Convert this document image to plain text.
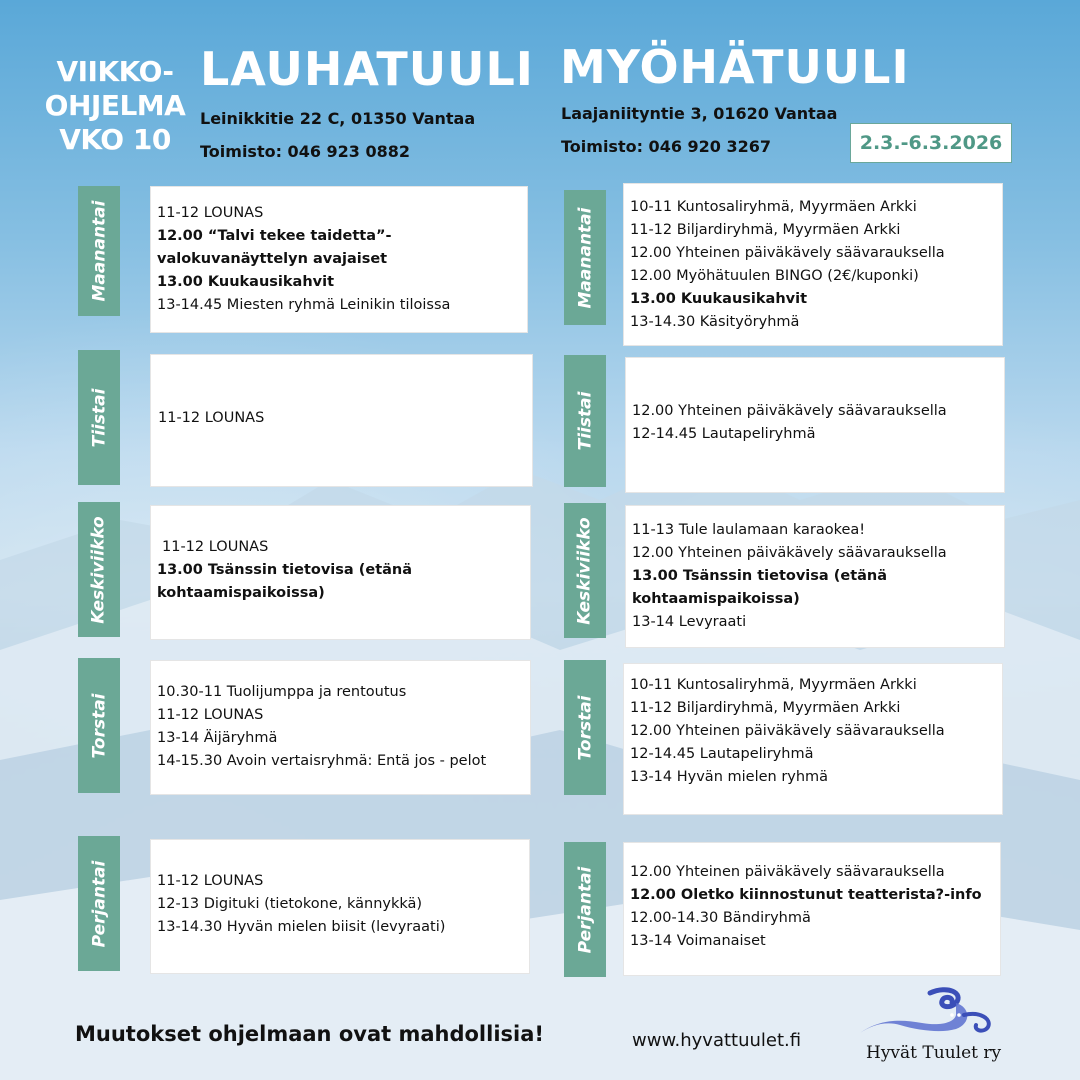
VIIKKO-
OHJELMA
VKO 10
LAUHATUULI
Leinikkitie 22 C, 01350 Vantaa
Toimisto: 046 923 0882
MYÖHÄTUULI
Laajaniityntie 3, 01620 Vantaa
Toimisto: 046 920 3267	2.3.-6.3.2026
Maanantai
Tiistai
Keskiviikko
Torstai
Perjantai
Maanantai
Tiistai
Keskiviikko
Torstai
Perjantai
11-12 LOUNAS
12.00 “Talvi tekee taidetta”-
valokuvanäyttelyn avajaiset
13.00 Kuukausikahvit
13-14.45 Miesten ryhmä Leinikin tiloissa
11-12 LOUNAS
11-12 LOUNAS
13.00 Tsänssin tietovisa (etänä
kohtaamispaikoissa)
10.30-11 Tuolijumppa ja rentoutus
11-12 LOUNAS
13-14 Äijäryhmä
14-15.30 Avoin vertaisryhmä: Entä jos - pelot
11-12 LOUNAS
12-13 Digituki (tietokone, kännykkä)
13-14.30 Hyvän mielen biisit (levyraati)
10-11 Kuntosaliryhmä, Myyrmäen Arkki
11-12 Biljardiryhmä, Myyrmäen Arkki
12.00 Yhteinen päiväkävely säävarauksella
12.00 Myöhätuulen BINGO (2€/kuponki)
13.00 Kuukausikahvit
13-14.30 Käsityöryhmä
12.00 Yhteinen päiväkävely säävarauksella
12-14.45 Lautapeliryhmä
11-13 Tule laulamaan karaokea!
12.00 Yhteinen päiväkävely säävarauksella
13.00 Tsänssin tietovisa (etänä
kohtaamispaikoissa)
13-14 Levyraati
10-11 Kuntosaliryhmä, Myyrmäen Arkki
11-12 Biljardiryhmä, Myyrmäen Arkki
12.00 Yhteinen päiväkävely säävarauksella
12-14.45 Lautapeliryhmä
13-14 Hyvän mielen ryhmä
12.00 Yhteinen päiväkävely säävarauksella
12.00 Oletko kiinnostunut teatterista?-info
12.00-14.30 Bändiryhmä
13-14 Voimanaiset
Muutokset ohjelmaan ovat mahdollisia!	www.hyvattuulet.fi
Hyvät Tuulet ry
